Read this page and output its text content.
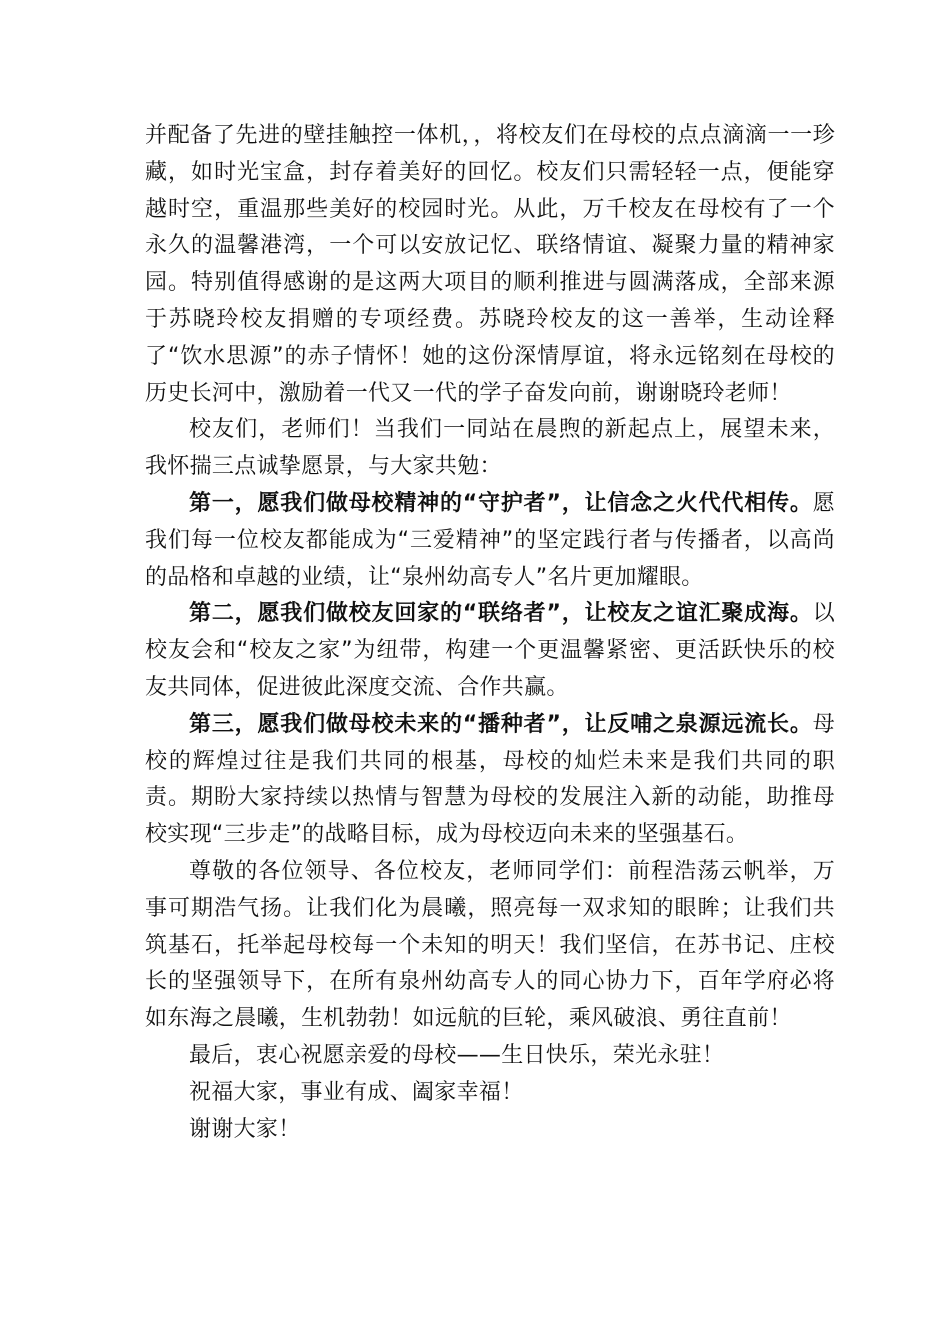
并配备了先进的壁挂触控一体机，，将校友们在母校的点点滴滴一一珍藏，如时光宝盒，封存着美好的回忆。校友们只需轻轻一点，便能穿越时空，重温那些美好的校园时光。从此，万千校友在母校有了一个永久的温馨港湾，一个可以安放记忆、联络情谊、凝聚力量的精神家园。特别值得感谢的是这两大项目的顺利推进与圆满落成，全部来源于苏晓玲校友捐赠的专项经费。苏晓玲校友的这一善举，生动诠释了“饮水思源”的赤子情怀！她的这份深情厚谊，将永远铭刻在母校的历史长河中，激励着一代又一代的学子奋发向前，谢谢晓玲老师！

校友们，老师们！当我们一同站在晨煦的新起点上，展望未来，我怀揣三点诚挚愿景，与大家共勉：

第一，愿我们做母校精神的“守护者”，让信念之火代代相传。愿我们每一位校友都能成为“三爱精神”的坚定践行者与传播者，以高尚的品格和卓越的业绩，让“泉州幼高专人”名片更加耀眼。

第二，愿我们做校友回家的“联络者”，让校友之谊汇聚成海。以校友会和“校友之家”为纽带，构建一个更温馨紧密、更活跃快乐的校友共同体，促进彼此深度交流、合作共赢。

第三，愿我们做母校未来的“播种者”，让反哺之泉源远流长。母校的辉煌过往是我们共同的根基，母校的灿烂未来是我们共同的职责。期盼大家持续以热情与智慧为母校的发展注入新的动能，助推母校实现“三步走”的战略目标，成为母校迈向未来的坚强基石。

尊敬的各位领导、各位校友，老师同学们：前程浩荡云帆举，万事可期浩气扬。让我们化为晨曦，照亮每一双求知的眼眸；让我们共筑基石，托举起母校每一个未知的明天！我们坚信，在苏书记、庄校长的坚强领导下，在所有泉州幼高专人的同心协力下，百年学府必将如东海之晨曦，生机勃勃！如远航的巨轮，乘风破浪、勇往直前！

最后，衷心祝愿亲爱的母校——生日快乐，荣光永驻！

祝福大家，事业有成、阖家幸福！

谢谢大家！
